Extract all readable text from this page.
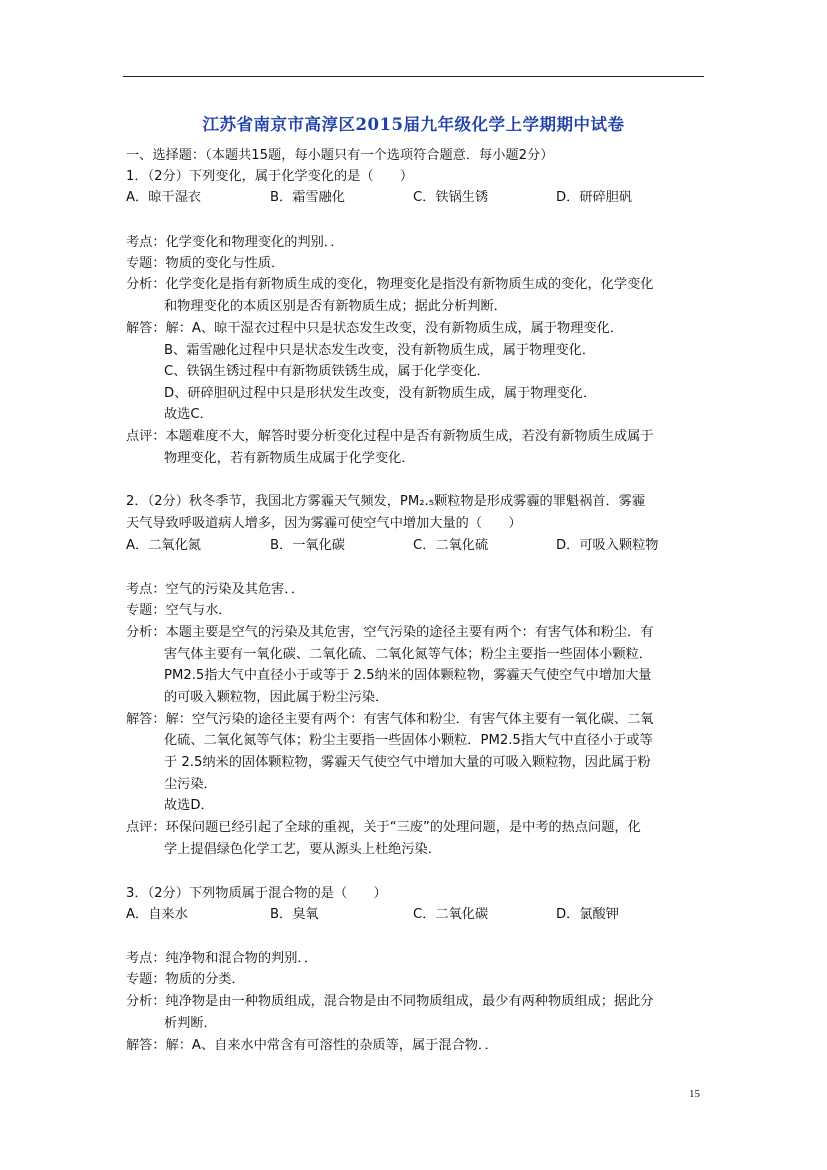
江苏省南京市高淳区2015届九年级化学上学期期中试卷
一、选择题：（本题共15题，每小题只有一个选项符合题意．每小题2分）
1．（2分）下列变化，属于化学变化的是（　　）
A．晾干湿衣	B．霜雪融化	C．铁锅生锈	D．研碎胆矾
考点：化学变化和物理变化的判别．．
专题：物质的变化与性质．
分析：化学变化是指有新物质生成的变化，物理变化是指没有新物质生成的变化，化学变化
和物理变化的本质区别是否有新物质生成；据此分析判断．
解答：解：A、晾干湿衣过程中只是状态发生改变，没有新物质生成，属于物理变化．
B、霜雪融化过程中只是状态发生改变，没有新物质生成，属于物理变化．
C、铁锅生锈过程中有新物质铁锈生成，属于化学变化．
D、研碎胆矾过程中只是形状发生改变，没有新物质生成，属于物理变化．
故选C．
点评：本题难度不大，解答时要分析变化过程中是否有新物质生成，若没有新物质生成属于
物理变化，若有新物质生成属于化学变化．
2．（2分）秋冬季节，我国北方雾霾天气频发，PM₂.₅颗粒物是形成雾霾的罪魁祸首．雾霾
天气导致呼吸道病人增多，因为雾霾可使空气中增加大量的（　　）
A．二氧化氮	B．一氧化碳	C．二氧化硫	D．可吸入颗粒物
考点：空气的污染及其危害．．
专题：空气与水．
分析：本题主要是空气的污染及其危害，空气污染的途径主要有两个：有害气体和粉尘．有
害气体主要有一氧化碳、二氧化硫、二氧化氮等气体；粉尘主要指一些固体小颗粒．
PM2.5指大气中直径小于或等于 2.5纳米的固体颗粒物，雾霾天气使空气中增加大量
的可吸入颗粒物，因此属于粉尘污染．
解答：解：空气污染的途径主要有两个：有害气体和粉尘．有害气体主要有一氧化碳、二氧
化硫、二氧化氮等气体；粉尘主要指一些固体小颗粒．PM2.5指大气中直径小于或等
于 2.5纳米的固体颗粒物，雾霾天气使空气中增加大量的可吸入颗粒物，因此属于粉
尘污染．
故选D．
点评：环保问题已经引起了全球的重视，关于“三废”的处理问题，是中考的热点问题，化
学上提倡绿色化学工艺，要从源头上杜绝污染．
3．（2分）下列物质属于混合物的是（　　）
A．自来水	B．臭氧	C．二氧化碳	D．氯酸钾
考点：纯净物和混合物的判别．．
专题：物质的分类．
分析：纯净物是由一种物质组成，混合物是由不同物质组成，最少有两种物质组成；据此分
析判断．
解答：解：A、自来水中常含有可溶性的杂质等，属于混合物．．
15
